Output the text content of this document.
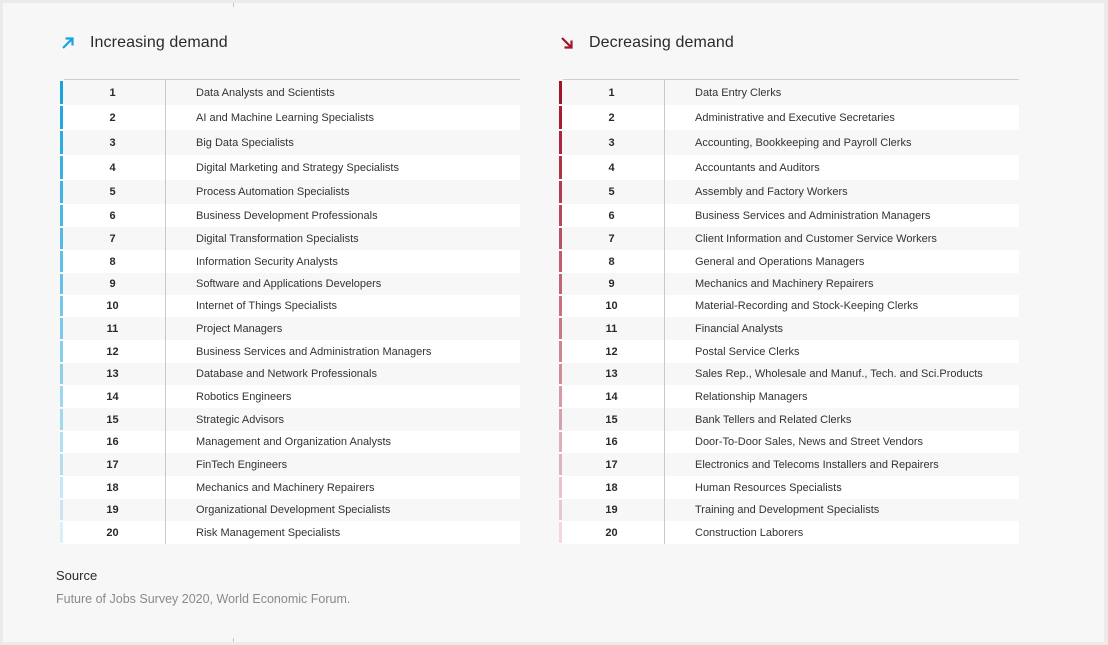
Increasing demand
1	Data Analysts and Scientists
2	AI and Machine Learning Specialists
3	Big Data Specialists
4	Digital Marketing and Strategy Specialists
5	Process Automation Specialists
6	Business Development Professionals
7	Digital Transformation Specialists
8	Information Security Analysts
9	Software and Applications Developers
10	Internet of Things Specialists
11	Project Managers
12	Business Services and Administration Managers
13	Database and Network Professionals
14	Robotics Engineers
15	Strategic Advisors
16	Management and Organization Analysts
17	FinTech Engineers
18	Mechanics and Machinery Repairers
19	Organizational Development Specialists
20	Risk Management Specialists
Decreasing demand
1	Data Entry Clerks
2	Administrative and Executive Secretaries
3	Accounting, Bookkeeping and Payroll Clerks
4	Accountants and Auditors
5	Assembly and Factory Workers
6	Business Services and Administration Managers
7	Client Information and Customer Service Workers
8	General and Operations Managers
9	Mechanics and Machinery Repairers
10	Material-Recording and Stock-Keeping Clerks
11	Financial Analysts
12	Postal Service Clerks
13	Sales Rep., Wholesale and Manuf., Tech. and Sci.Products
14	Relationship Managers
15	Bank Tellers and Related Clerks
16	Door-To-Door Sales, News and Street Vendors
17	Electronics and Telecoms Installers and Repairers
18	Human Resources Specialists
19	Training and Development Specialists
20	Construction Laborers
Source
Future of Jobs Survey 2020, World Economic Forum.
